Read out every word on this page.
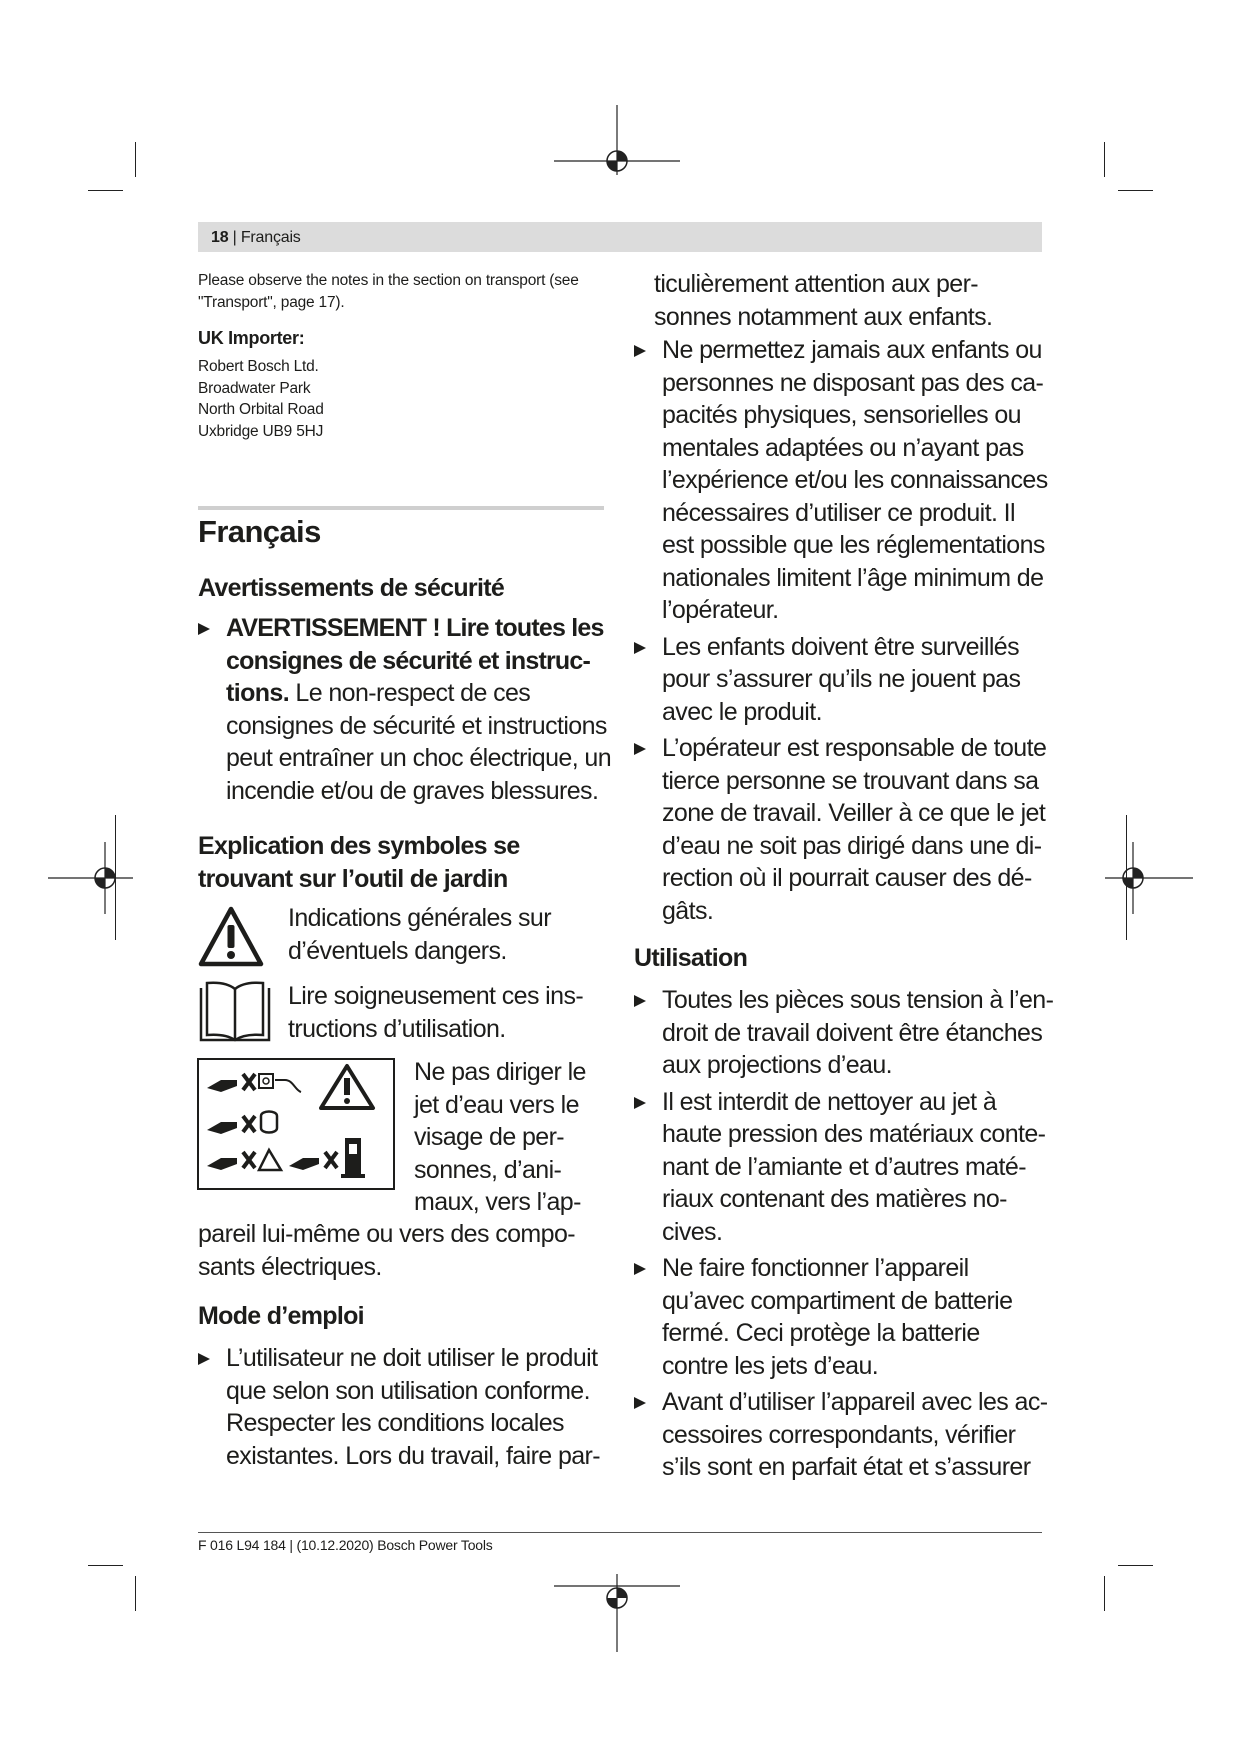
18 | Français
Please observe the notes in the section on transport (see "Transport", page 17).
UK Importer:
Robert Bosch Ltd.
Broadwater Park
North Orbital Road
Uxbridge UB9 5HJ
Français
Avertissements de sécurité
AVERTISSEMENT ! Lire toutes les
consignes de sécurité et instruc-
tions. Le non-respect de ces
consignes de sécurité et instructions
peut entraîner un choc électrique, un
incendie et/ou de graves blessures.
Explication des symboles se
trouvant sur l’outil de jardin
Indications générales sur
d’éventuels dangers.
Lire soigneusement ces ins-
tructions d’utilisation.
Ne pas diriger le
jet d’eau vers le
visage de per-
sonnes, d’ani-
maux, vers l’ap-
pareil lui-même ou vers des compo-
sants électriques.
Mode d’emploi
L’utilisateur ne doit utiliser le produit
que selon son utilisation conforme.
Respecter les conditions locales
existantes. Lors du travail, faire par-
ticulièrement attention aux per-
sonnes notamment aux enfants.
Ne permettez jamais aux enfants ou
personnes ne disposant pas des ca-
pacités physiques, sensorielles ou
mentales adaptées ou n’ayant pas
l’expérience et/ou les connaissances
nécessaires d’utiliser ce produit. Il
est possible que les réglementations
nationales limitent l’âge minimum de
l’opérateur.
Les enfants doivent être surveillés
pour s’assurer qu’ils ne jouent pas
avec le produit.
L’opérateur est responsable de toute
tierce personne se trouvant dans sa
zone de travail. Veiller à ce que le jet
d’eau ne soit pas dirigé dans une di-
rection où il pourrait causer des dé-
gâts.
Utilisation
Toutes les pièces sous tension à l’en-
droit de travail doivent être étanches
aux projections d’eau.
Il est interdit de nettoyer au jet à
haute pression des matériaux conte-
nant de l’amiante et d’autres maté-
riaux contenant des matières no-
cives.
Ne faire fonctionner l’appareil
qu’avec compartiment de batterie
fermé. Ceci protège la batterie
contre les jets d’eau.
Avant d’utiliser l’appareil avec les ac-
cessoires correspondants, vérifier
s’ils sont en parfait état et s’assurer
F 016 L94 184 | (10.12.2020) Bosch Power Tools
